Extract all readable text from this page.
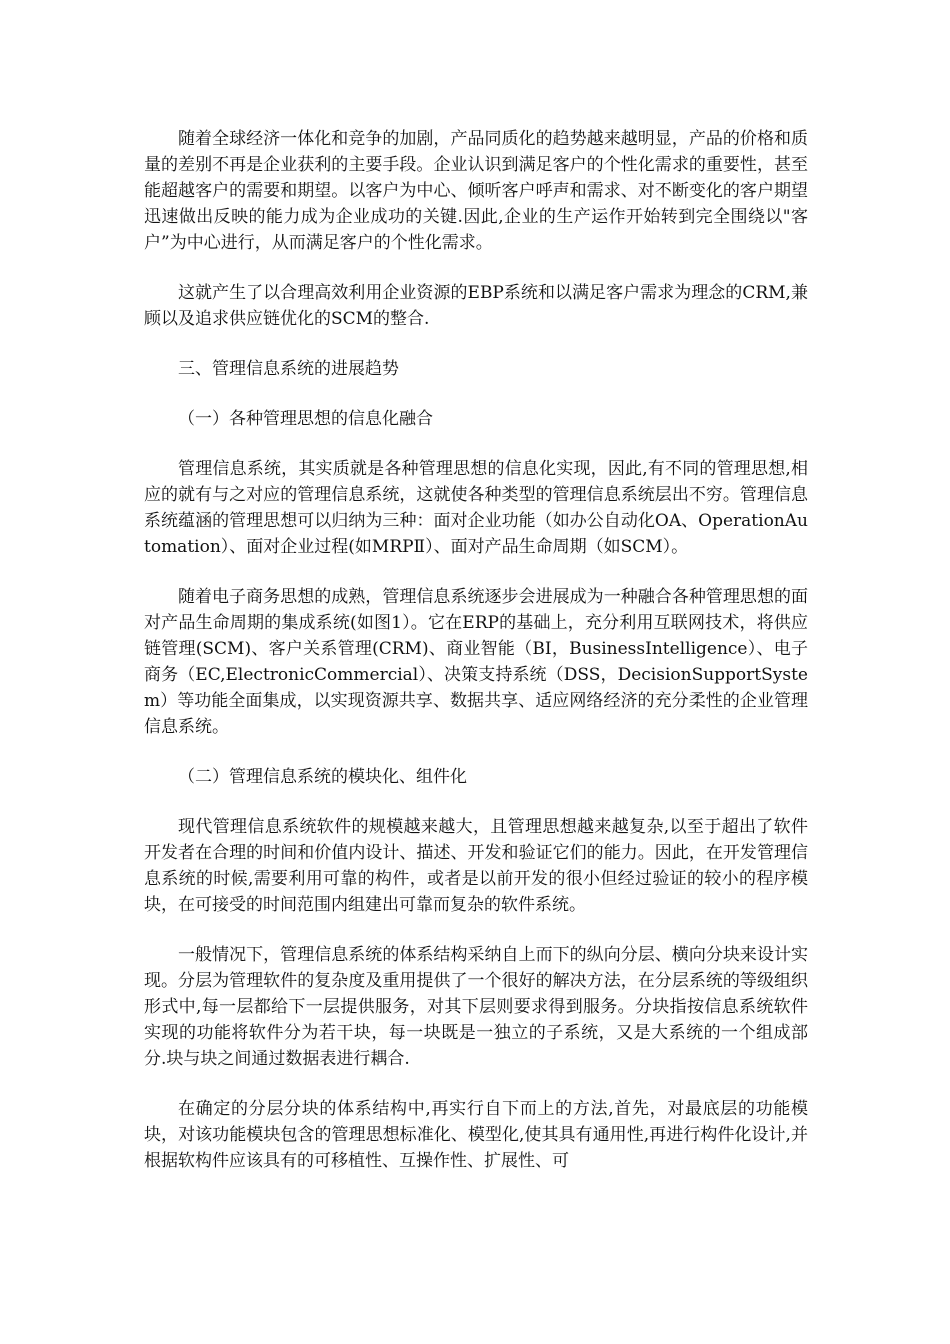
随着全球经济一体化和竞争的加剧，产品同质化的趋势越来越明显，产品的价格和质量的差别不再是企业获利的主要手段。企业认识到满足客户的个性化需求的重要性，甚至能超越客户的需要和期望。以客户为中心、倾听客户呼声和需求、对不断变化的客户期望迅速做出反映的能力成为企业成功的关键.因此,企业的生产运作开始转到完全围绕以"客户”为中心进行，从而满足客户的个性化需求。

这就产生了以合理高效利用企业资源的EBP系统和以满足客户需求为理念的CRM,兼顾以及追求供应链优化的SCM的整合.

三、管理信息系统的进展趋势

（一）各种管理思想的信息化融合

管理信息系统，其实质就是各种管理思想的信息化实现，因此,有不同的管理思想,相应的就有与之对应的管理信息系统，这就使各种类型的管理信息系统层出不穷。管理信息系统蕴涵的管理思想可以归纳为三种：面对企业功能（如办公自动化OA、OperationAutomation）、面对企业过程(如MRPⅡ）、面对产品生命周期（如SCM）。

随着电子商务思想的成熟，管理信息系统逐步会进展成为一种融合各种管理思想的面对产品生命周期的集成系统(如图1）。它在ERP的基础上，充分利用互联网技术，将供应链管理(SCM)、客户关系管理(CRM)、商业智能（BI，BusinessIntelligence）、电子商务（EC,ElectronicCommercial）、决策支持系统（DSS，DecisionSupportSystem）等功能全面集成，以实现资源共享、数据共享、适应网络经济的充分柔性的企业管理信息系统。

（二）管理信息系统的模块化、组件化

现代管理信息系统软件的规模越来越大，且管理思想越来越复杂,以至于超出了软件开发者在合理的时间和价值内设计、描述、开发和验证它们的能力。因此，在开发管理信息系统的时候,需要利用可靠的构件，或者是以前开发的很小但经过验证的较小的程序模块，在可接受的时间范围内组建出可靠而复杂的软件系统。

一般情况下，管理信息系统的体系结构采纳自上而下的纵向分层、横向分块来设计实现。分层为管理软件的复杂度及重用提供了一个很好的解决方法，在分层系统的等级组织形式中,每一层都给下一层提供服务，对其下层则要求得到服务。分块指按信息系统软件实现的功能将软件分为若干块，每一块既是一独立的子系统，又是大系统的一个组成部分.块与块之间通过数据表进行耦合.

在确定的分层分块的体系结构中,再实行自下而上的方法,首先，对最底层的功能模块，对该功能模块包含的管理思想标准化、模型化,使其具有通用性,再进行构件化设计,并根据软构件应该具有的可移植性、互操作性、扩展性、可
